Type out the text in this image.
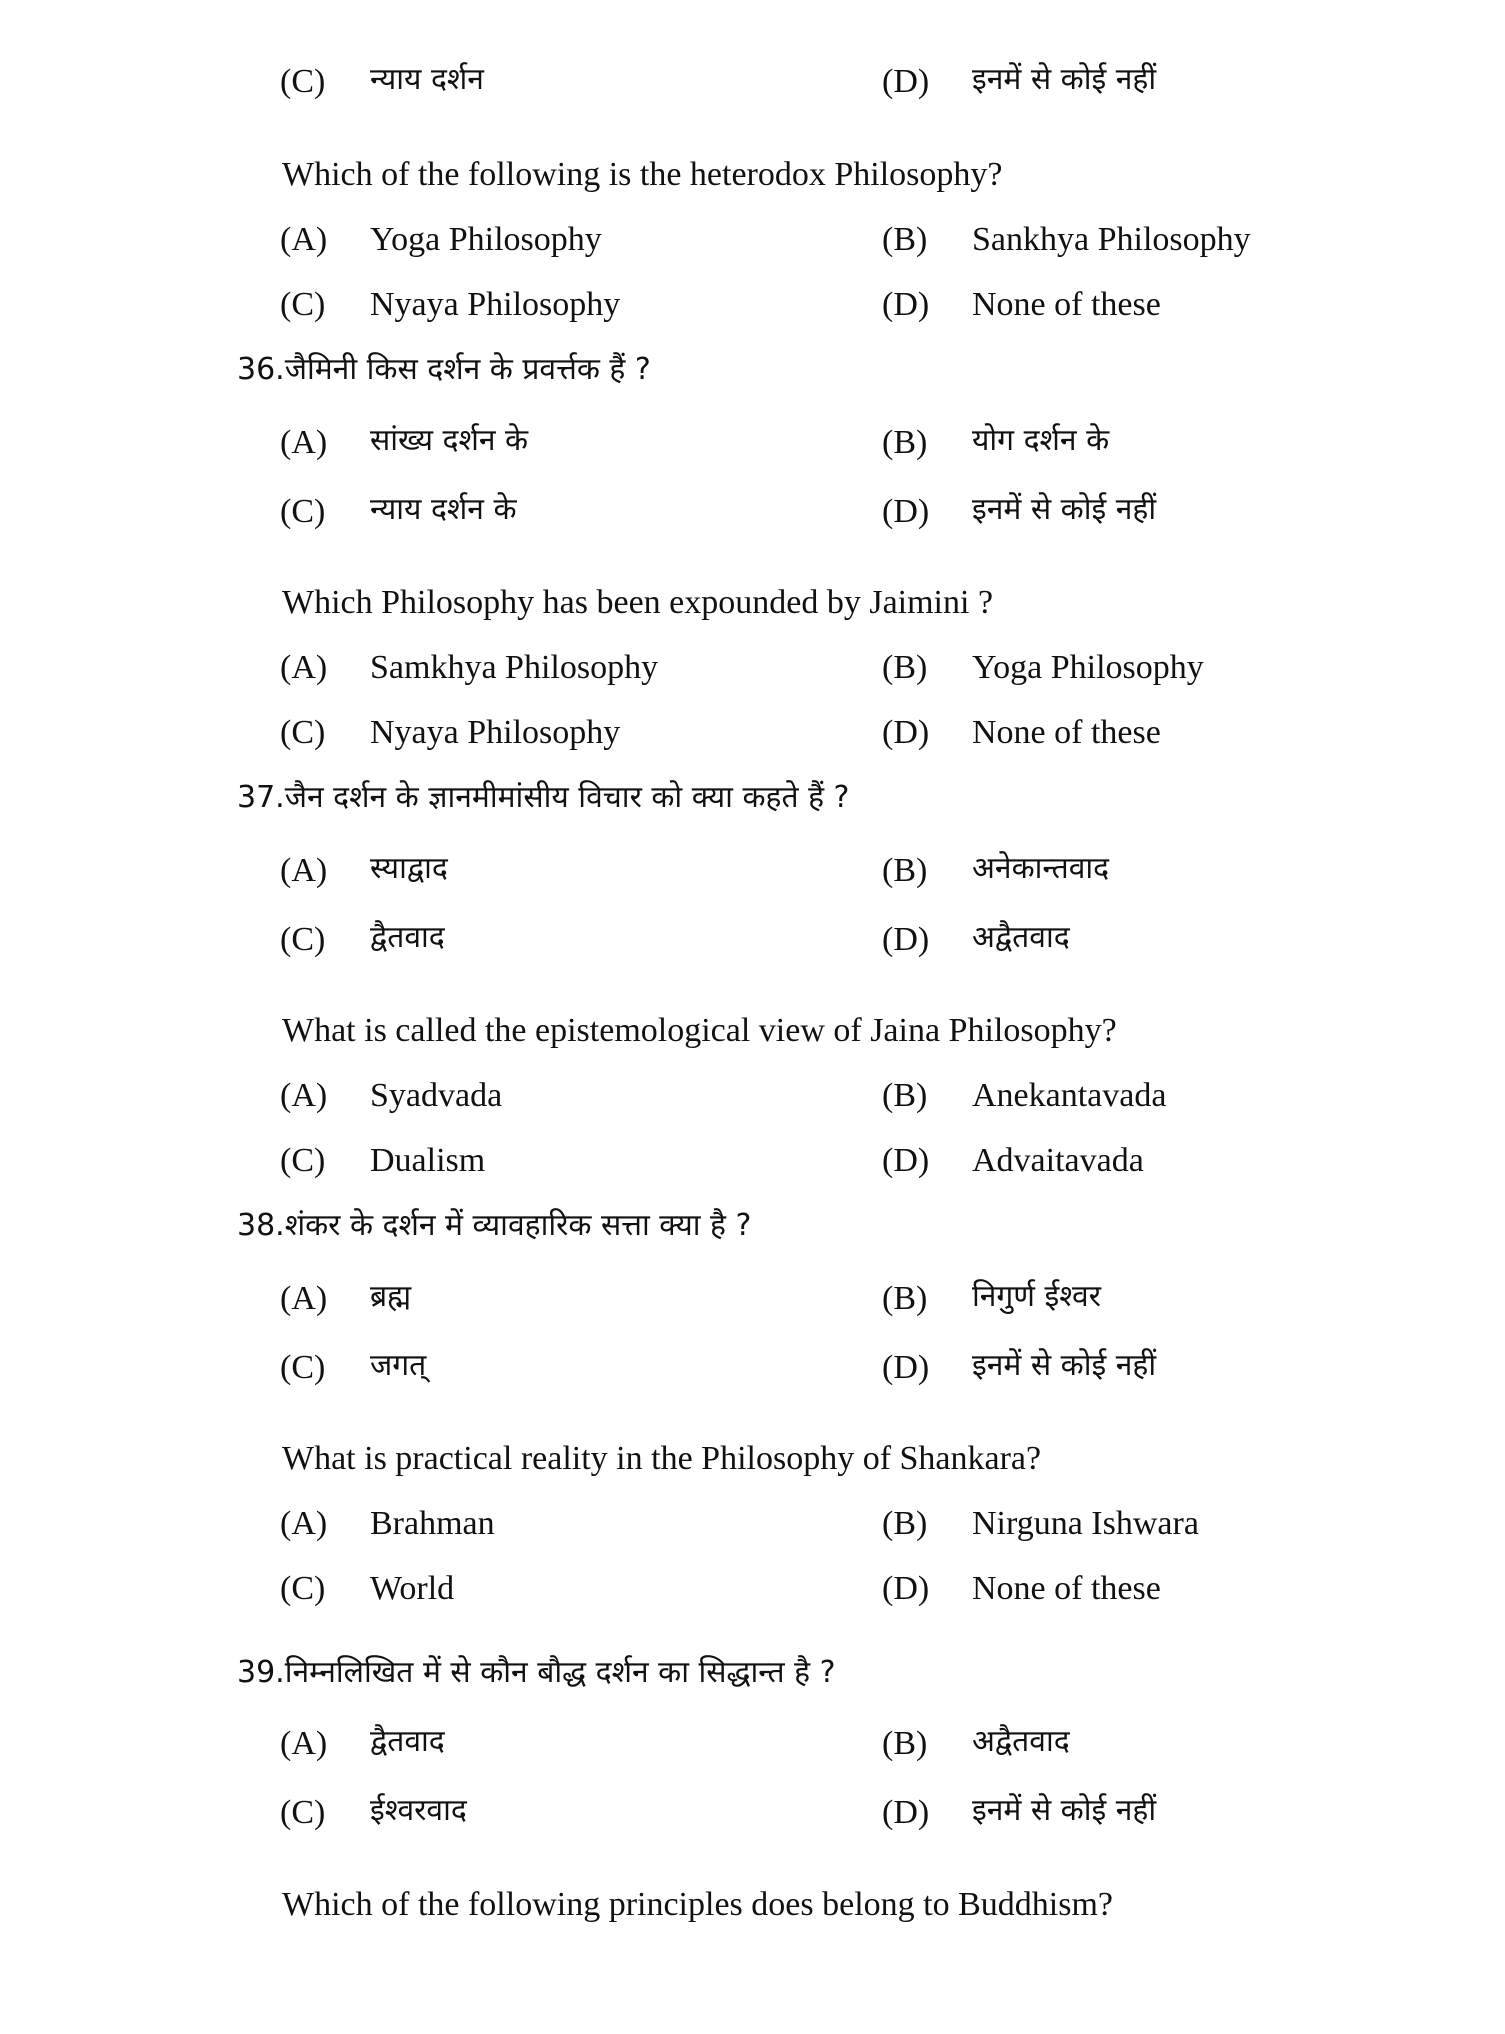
(C) न्याय दर्शन	(D) इनमें से कोई नहीं
Which of the following is the heterodox Philosophy?
(A) Yoga Philosophy	(B) Sankhya Philosophy
(C) Nyaya Philosophy	(D) None of these
36.जैमिनी किस दर्शन के प्रवर्त्तक हैं ?
(A) सांख्य दर्शन के	(B) योग दर्शन के
(C) न्याय दर्शन के	(D) इनमें से कोई नहीं
Which Philosophy has been expounded by Jaimini ?
(A) Samkhya Philosophy	(B) Yoga Philosophy
(C) Nyaya Philosophy	(D) None of these
37.जैन दर्शन के ज्ञानमीमांसीय विचार को क्या कहते हैं ?
(A) स्याद्वाद	(B) अनेकान्तवाद
(C) द्वैतवाद	(D) अद्वैतवाद
What is called the epistemological view of Jaina Philosophy?
(A) Syadvada	(B) Anekantavada
(C) Dualism	(D) Advaitavada
38.शंकर के दर्शन में व्यावहारिक सत्ता क्या है ?
(A) ब्रह्म	(B) निगुर्ण ईश्वर
(C) जगत्	(D) इनमें से कोई नहीं
What is practical reality in the Philosophy of Shankara?
(A) Brahman	(B) Nirguna Ishwara
(C) World	(D) None of these
39.निम्नलिखित में से कौन बौद्ध दर्शन का सिद्धान्त है ?
(A) द्वैतवाद	(B) अद्वैतवाद
(C) ईश्वरवाद	(D) इनमें से कोई नहीं
Which of the following principles does belong to Buddhism?
